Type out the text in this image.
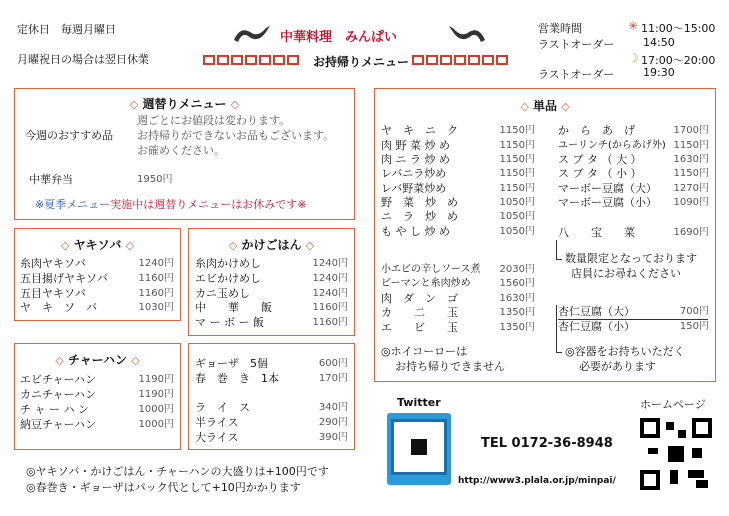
定休日　毎週月曜日
月曜祝日の場合は翌日休業
中華料理　みんぱい
お持帰りメニュー
営業時間	✳ 11:00～15:00
ラストオーダー	14:50
☽ 17:00～20:00
ラストオーダー	19:30
◇ 週替りメニュー ◇
今週のおすすめ品
週ごとにお値段は変わります。
お持帰りができないお品もございます。
お確めください。
中華弁当	1950円
※夏季メニュー実施中は週替りメニューはお休みです※
◇ ヤキソバ ◇
糸肉ヤキソバ	1240円
五目揚げヤキソバ	1160円
五目ヤキソバ	1160円
ヤ　キ　ソ　バ	1030円
◇ かけごはん ◇
糸肉かけめし	1240円
エビかけめし	1240円
カニ玉めし	1240円
中　　華　　飯	1160円
マ ー ボ ー 飯	1160円
◇ チャーハン ◇
エビチャーハン	1190円
カニチャーハン	1190円
チ ャ ー ハ ン	1000円
納豆チャーハン	1000円
ギョーザ　5個	600円
春　巻　き　1本	170円
ラ　イ　ス	340円
半ライス	290円
大ライス	390円
◇ 単品 ◇
ヤ　キ　ニ　ク	1150円
肉 野 菜 炒 め	1150円
肉 ニ ラ 炒 め	1150円
レバニラ炒め	1150円
レバ野菜炒め	1150円
野　菜　炒　め	1050円
ニ　ラ　炒　め	1050円
も や し 炒 め	1050円
小エビの辛しソース煮	2030円
ピーマンと糸肉炒め	1560円
肉　ダ　ン　ゴ	1630円
カ　　二　　玉	1350円
エ　　ビ　　玉	1350円
◎ホイコーローは
お持ち帰りできません
か　ら　あ　げ	1700円
ユーリンチ(からあげ外) 1150円
ス ブ タ （ 大 ）	1630円
ス ブ タ （ 小 ）	1150円
マーボー豆腐（大） 1270円
マーボー豆腐（小） 1090円
八　　宝　　菜	1690円
数量限定となっております
店員にお尋ねください
杏仁豆腐（大）	700円
杏仁豆腐（小）	150円
◎容器をお持ちいただく
必要があります
Twitter
TEL 0172-36-8948
ホームページ
◎ヤキソバ・かけごはん・チャーハンの大盛りは+100円です
◎春巻き・ギョーザはパック代として+10円かかります	http://www3.plala.or.jp/minpai/
